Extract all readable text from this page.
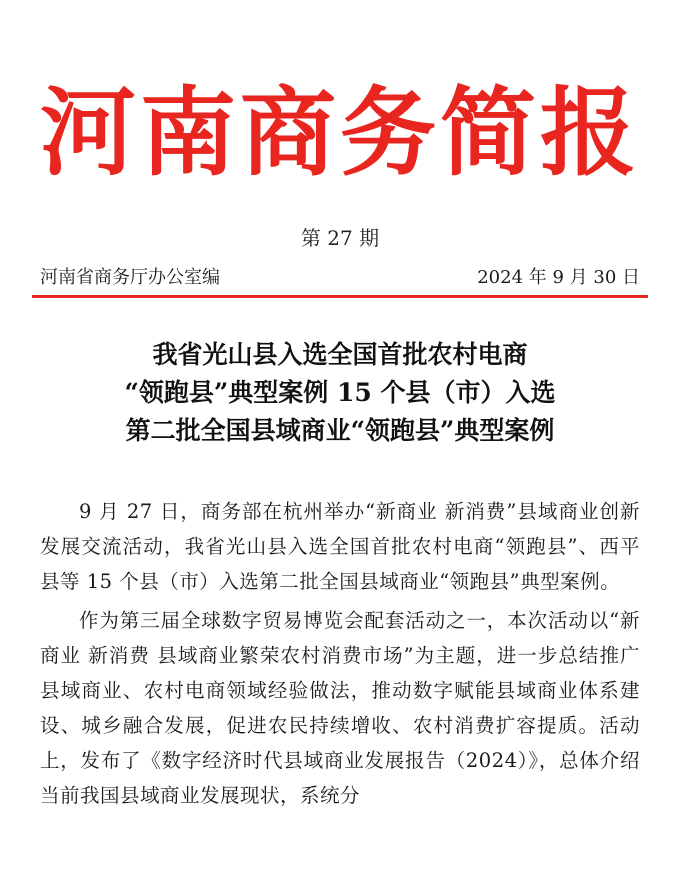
河南商务简报
第 27 期
河南省商务厅办公室编	2024 年 9 月 30 日
我省光山县入选全国首批农村电商
“领跑县”典型案例 15 个县（市）入选
第二批全国县域商业“领跑县”典型案例

9 月 27 日，商务部在杭州举办“新商业 新消费”县域商业创新发展交流活动，我省光山县入选全国首批农村电商“领跑县”、西平县等 15 个县（市）入选第二批全国县域商业“领跑县”典型案例。

作为第三届全球数字贸易博览会配套活动之一，本次活动以“新商业 新消费 县域商业繁荣农村消费市场”为主题，进一步总结推广县域商业、农村电商领域经验做法，推动数字赋能县域商业体系建设、城乡融合发展，促进农民持续增收、农村消费扩容提质。活动上，发布了《数字经济时代县域商业发展报告（2024）》，总体介绍当前我国县域商业发展现状，系统分
